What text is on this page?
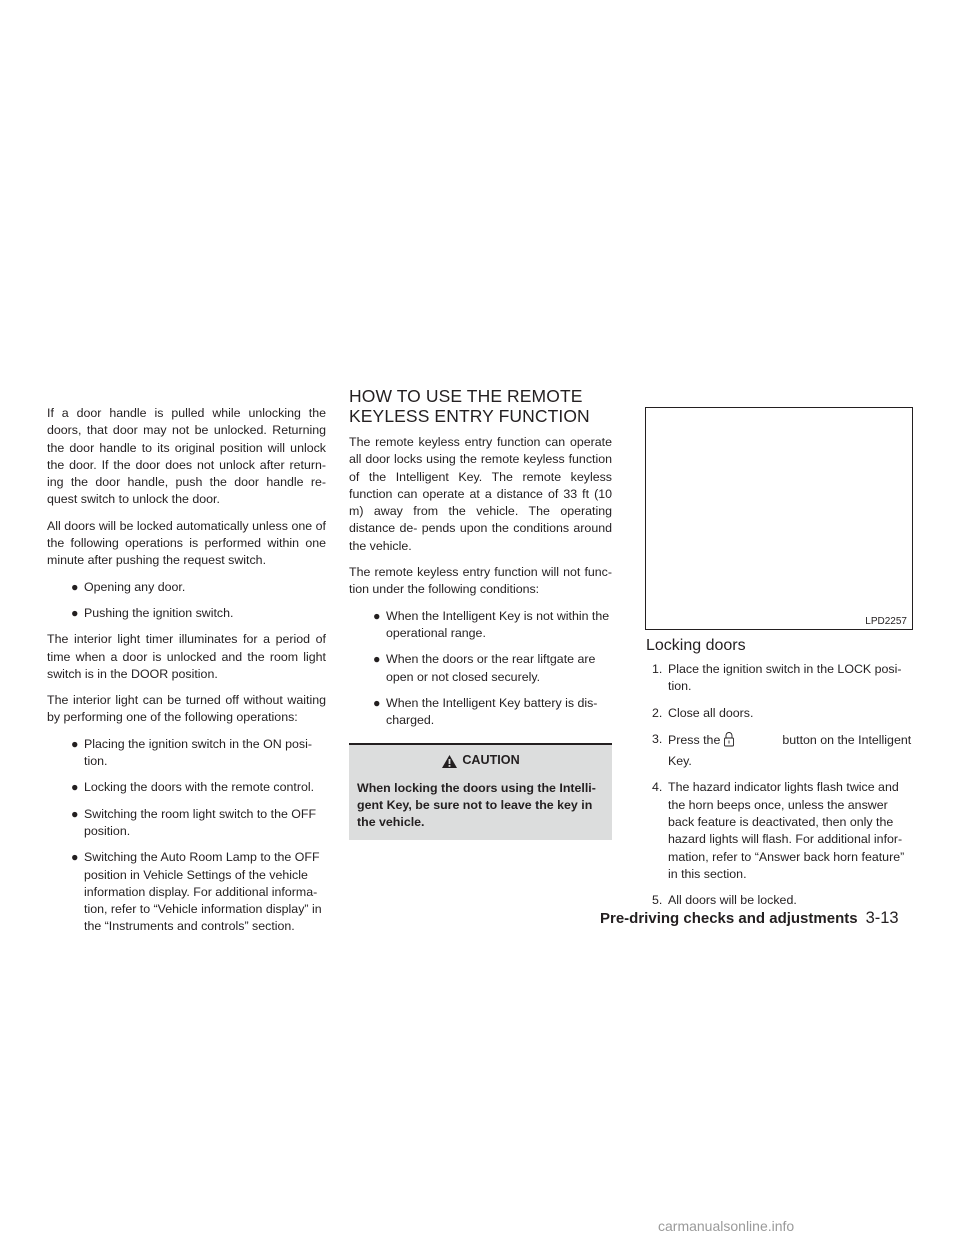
If a door handle is pulled while unlocking the doors, that door may not be unlocked. Returning the door handle to its original position will unlock the door. If the door does not unlock after return- ing the door handle, push the door handle re- quest switch to unlock the door.

All doors will be locked automatically unless one of the following operations is performed within one minute after pushing the request switch.

● Opening any door.
● Pushing the ignition switch.

The interior light timer illuminates for a period of time when a door is unlocked and the room light switch is in the DOOR position.

The interior light can be turned off without waiting by performing one of the following operations:

● Placing the ignition switch in the ON posi- tion.
● Locking the doors with the remote control.
● Switching the room light switch to the OFF position.
● Switching the Auto Room Lamp to the OFF position in Vehicle Settings of the vehicle information display. For additional informa- tion, refer to “Vehicle information display” in the “Instruments and controls” section.
HOW TO USE THE REMOTE
KEYLESS ENTRY FUNCTION

The remote keyless entry function can operate all door locks using the remote keyless function of the Intelligent Key. The remote keyless function can operate at a distance of 33 ft (10 m) away from the vehicle. The operating distance de- pends upon the conditions around the vehicle.

The remote keyless entry function will not func- tion under the following conditions:

● When the Intelligent Key is not within the operational range.
● When the doors or the rear liftgate are open or not closed securely.
● When the Intelligent Key battery is dis- charged.
CAUTION
When locking the doors using the Intelli- gent Key, be sure not to leave the key in the vehicle.
LPD2257
Locking doors
1. Place the ignition switch in the LOCK posi- tion.
2. Close all doors.
3. Press the	button on the Intelligent Key.
4. The hazard indicator lights flash twice and the horn beeps once, unless the answer back feature is deactivated, then only the hazard lights will flash. For additional infor- mation, refer to “Answer back horn feature” in this section.
5. All doors will be locked.
Pre-driving checks and adjustments 3-13
carmanualsonline.info
